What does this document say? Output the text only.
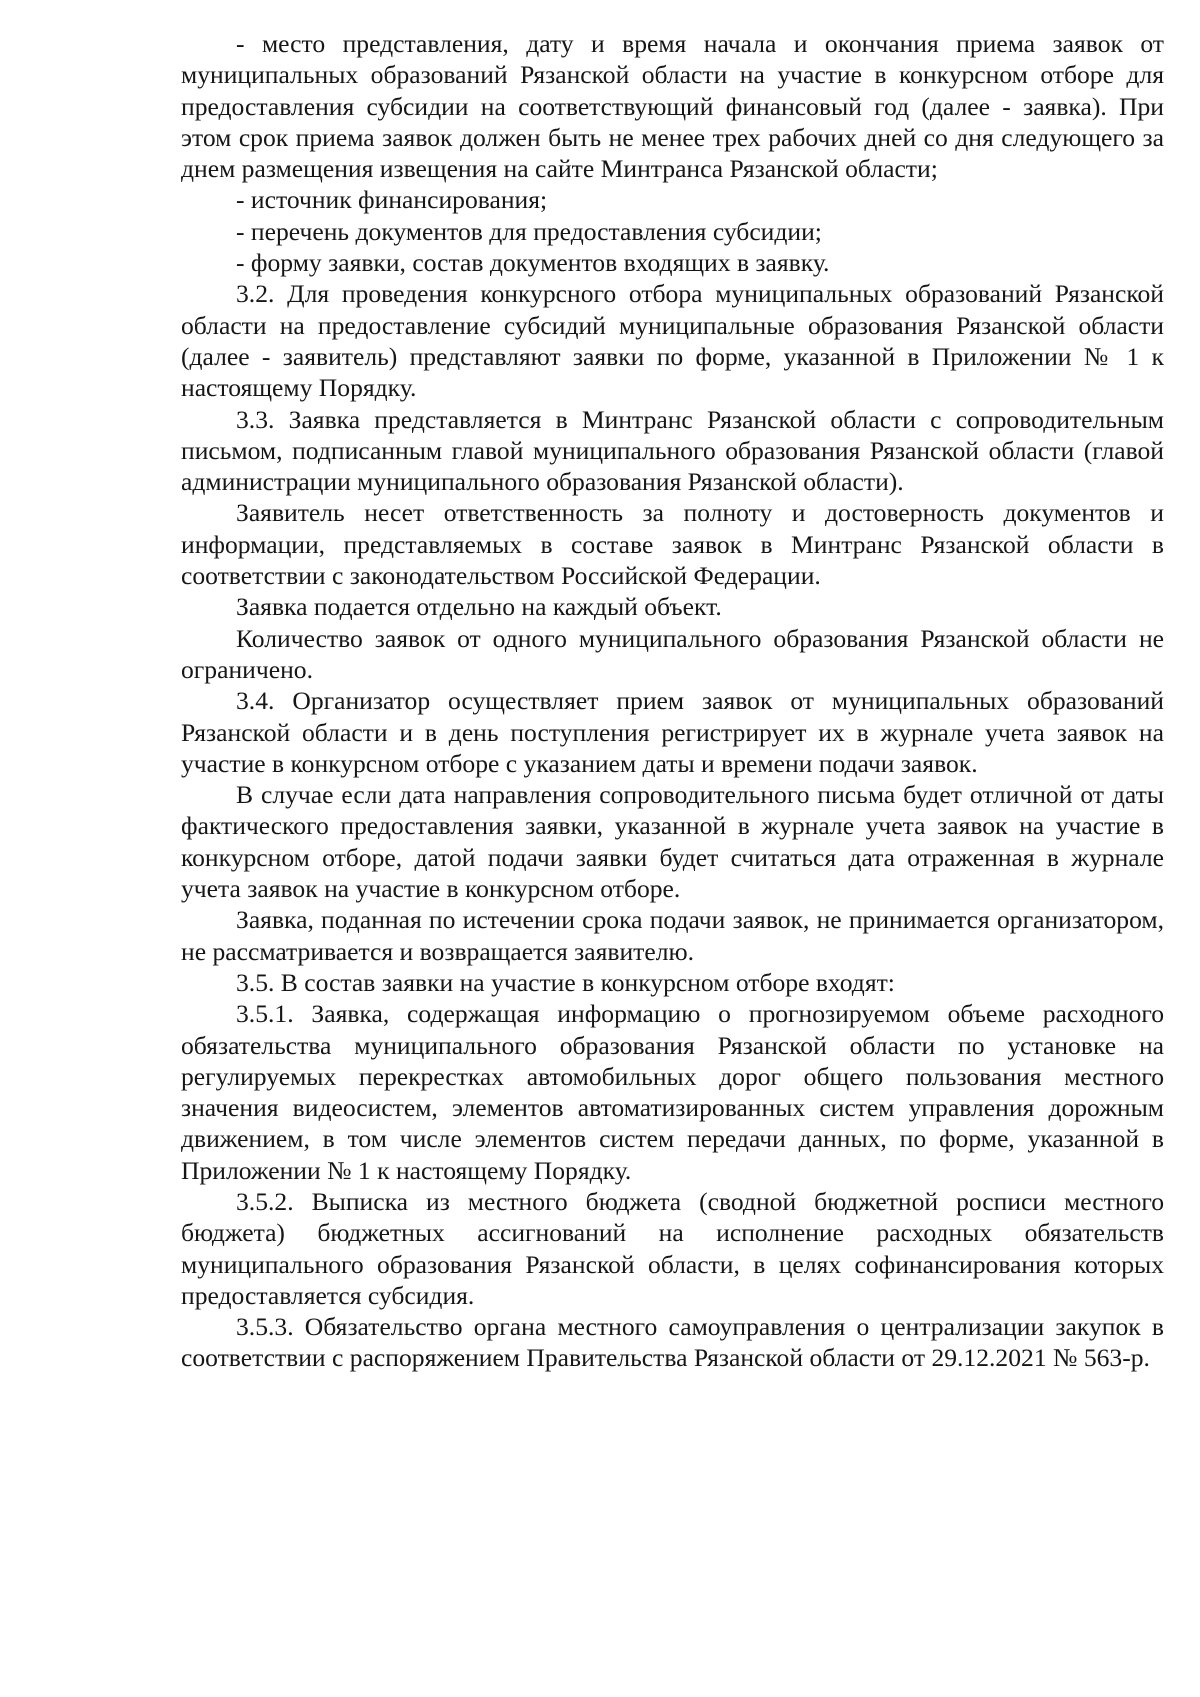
- место представления, дату и время начала и окончания приема заявок от муниципальных образований Рязанской области на участие в конкурсном отборе для предоставления субсидии на соответствующий финансовый год (далее - заявка). При этом срок приема заявок должен быть не менее трех рабочих дней со дня следующего за днем размещения извещения на сайте Минтранса Рязанской области;

- источник финансирования;

- перечень документов для предоставления субсидии;

- форму заявки, состав документов входящих в заявку.

3.2. Для проведения конкурсного отбора муниципальных образований Рязанской области на предоставление субсидий муниципальные образования Рязанской области (далее - заявитель) представляют заявки по форме, указанной в Приложении № 1 к настоящему Порядку.

3.3. Заявка представляется в Минтранс Рязанской области с сопроводительным письмом, подписанным главой муниципального образования Рязанской области (главой администрации муниципального образования Рязанской области).

Заявитель несет ответственность за полноту и достоверность документов и информации, представляемых в составе заявок в Минтранс Рязанской области в соответствии с законодательством Российской Федерации.

Заявка подается отдельно на каждый объект.

Количество заявок от одного муниципального образования Рязанской области не ограничено.

3.4. Организатор осуществляет прием заявок от муниципальных образований Рязанской области и в день поступления регистрирует их в журнале учета заявок на участие в конкурсном отборе с указанием даты и времени подачи заявок.

В случае если дата направления сопроводительного письма будет отличной от даты фактического предоставления заявки, указанной в журнале учета заявок на участие в конкурсном отборе, датой подачи заявки будет считаться дата отраженная в журнале учета заявок на участие в конкурсном отборе.

Заявка, поданная по истечении срока подачи заявок, не принимается организатором, не рассматривается и возвращается заявителю.

3.5. В состав заявки на участие в конкурсном отборе входят:

3.5.1. Заявка, содержащая информацию о прогнозируемом объеме расходного обязательства муниципального образования Рязанской области по установке на регулируемых перекрестках автомобильных дорог общего пользования местного значения видеосистем, элементов автоматизированных систем управления дорожным движением, в том числе элементов систем передачи данных, по форме, указанной в Приложении № 1 к настоящему Порядку.

3.5.2. Выписка из местного бюджета (сводной бюджетной росписи местного бюджета) бюджетных ассигнований на исполнение расходных обязательств муниципального образования Рязанской области, в целях софинансирования которых предоставляется субсидия.

3.5.3. Обязательство органа местного самоуправления о централизации закупок в соответствии с распоряжением Правительства Рязанской области от 29.12.2021 № 563-р.
